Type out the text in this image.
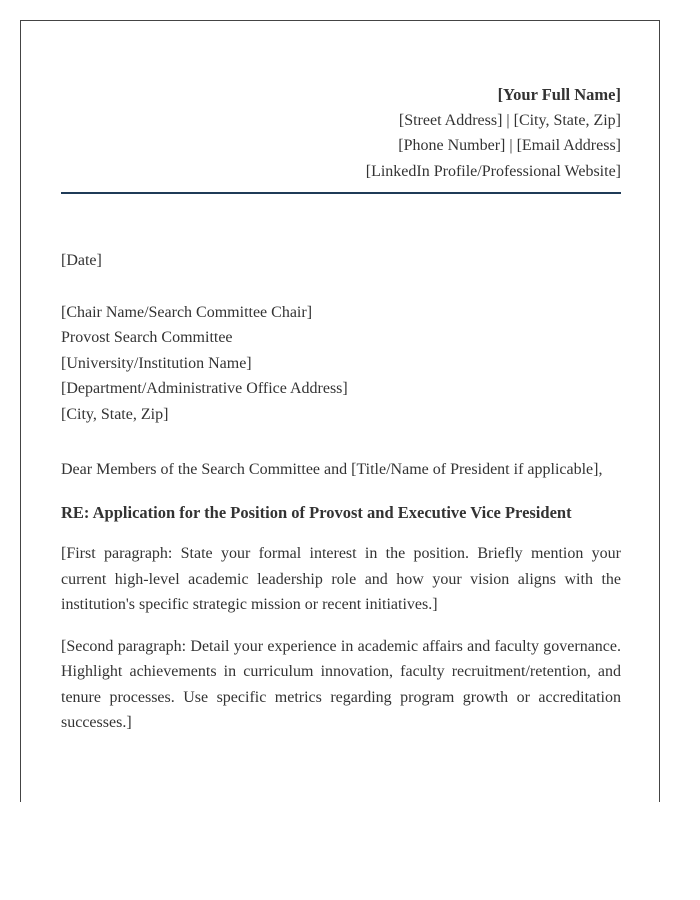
[Your Full Name]
[Street Address] | [City, State, Zip]
[Phone Number] | [Email Address]
[LinkedIn Profile/Professional Website]
[Date]
[Chair Name/Search Committee Chair]
Provost Search Committee
[University/Institution Name]
[Department/Administrative Office Address]
[City, State, Zip]
Dear Members of the Search Committee and [Title/Name of President if applicable],
RE: Application for the Position of Provost and Executive Vice President
[First paragraph: State your formal interest in the position. Briefly mention your current high-level academic leadership role and how your vision aligns with the institution's specific strategic mission or recent initiatives.]
[Second paragraph: Detail your experience in academic affairs and faculty governance. Highlight achievements in curriculum innovation, faculty recruitment/retention, and tenure processes. Use specific metrics regarding program growth or accreditation successes.]
